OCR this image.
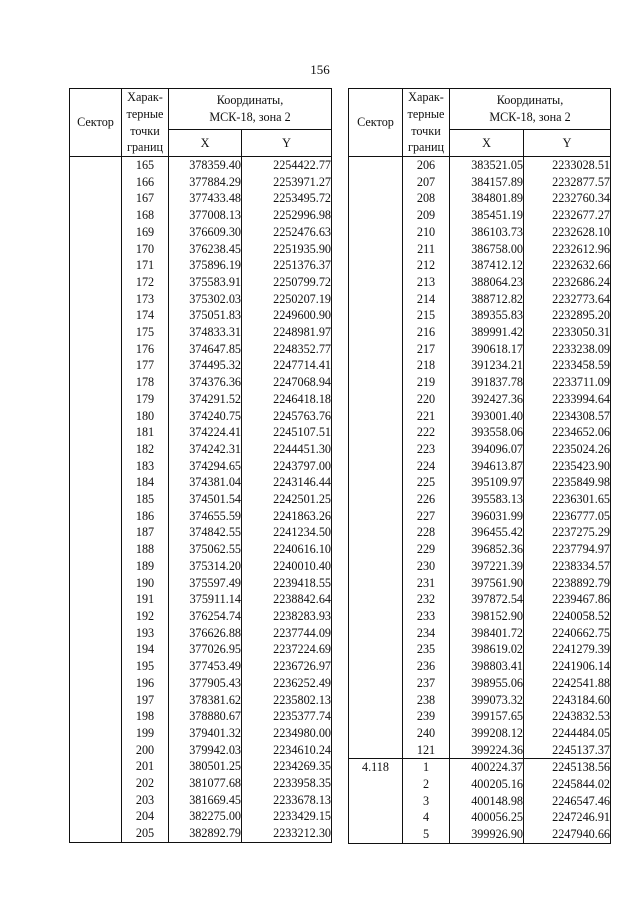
156
Сектор	Харак-
терные
точки
границ	Координаты,
МСК-18, зона 2	
		X	Y
	165	378359.40	2254422.77
	166	377884.29	2253971.27
	167	377433.48	2253495.72
	168	377008.13	2252996.98
	169	376609.30	2252476.63
	170	376238.45	2251935.90
	171	375896.19	2251376.37
	172	375583.91	2250799.72
	173	375302.03	2250207.19
	174	375051.83	2249600.90
	175	374833.31	2248981.97
	176	374647.85	2248352.77
	177	374495.32	2247714.41
	178	374376.36	2247068.94
	179	374291.52	2246418.18
	180	374240.75	2245763.76
	181	374224.41	2245107.51
	182	374242.31	2244451.30
	183	374294.65	2243797.00
	184	374381.04	2243146.44
	185	374501.54	2242501.25
	186	374655.59	2241863.26
	187	374842.55	2241234.50
	188	375062.55	2240616.10
	189	375314.20	2240010.40
	190	375597.49	2239418.55
	191	375911.14	2238842.64
	192	376254.74	2238283.93
	193	376626.88	2237744.09
	194	377026.95	2237224.69
	195	377453.49	2236726.97
	196	377905.43	2236252.49
	197	378381.62	2235802.13
	198	378880.67	2235377.74
	199	379401.32	2234980.00
	200	379942.03	2234610.24
	201	380501.25	2234269.35
	202	381077.68	2233958.35
	203	381669.45	2233678.13
	204	382275.00	2233429.15
	205	382892.79	2233212.30
Сектор	Харак-
терные
точки
границ	Координаты,
МСК-18, зона 2	
		X	Y
	206	383521.05	2233028.51
	207	384157.89	2232877.57
	208	384801.89	2232760.34
	209	385451.19	2232677.27
	210	386103.73	2232628.10
	211	386758.00	2232612.96
	212	387412.12	2232632.66
	213	388064.23	2232686.24
	214	388712.82	2232773.64
	215	389355.83	2232895.20
	216	389991.42	2233050.31
	217	390618.17	2233238.09
	218	391234.21	2233458.59
	219	391837.78	2233711.09
	220	392427.36	2233994.64
	221	393001.40	2234308.57
	222	393558.06	2234652.06
	223	394096.07	2235024.26
	224	394613.87	2235423.90
	225	395109.97	2235849.98
	226	395583.13	2236301.65
	227	396031.99	2236777.05
	228	396455.42	2237275.29
	229	396852.36	2237794.97
	230	397221.39	2238334.57
	231	397561.90	2238892.79
	232	397872.54	2239467.86
	233	398152.90	2240058.52
	234	398401.72	2240662.75
	235	398619.02	2241279.39
	236	398803.41	2241906.14
	237	398955.06	2242541.88
	238	399073.32	2243184.60
	239	399157.65	2243832.53
	240	399208.12	2244484.05
	121	399224.36	2245137.37
4.118	1	400224.37	2245138.56
	2	400205.16	2245844.02
	3	400148.98	2246547.46
	4	400056.25	2247246.91
	5	399926.90	2247940.66
